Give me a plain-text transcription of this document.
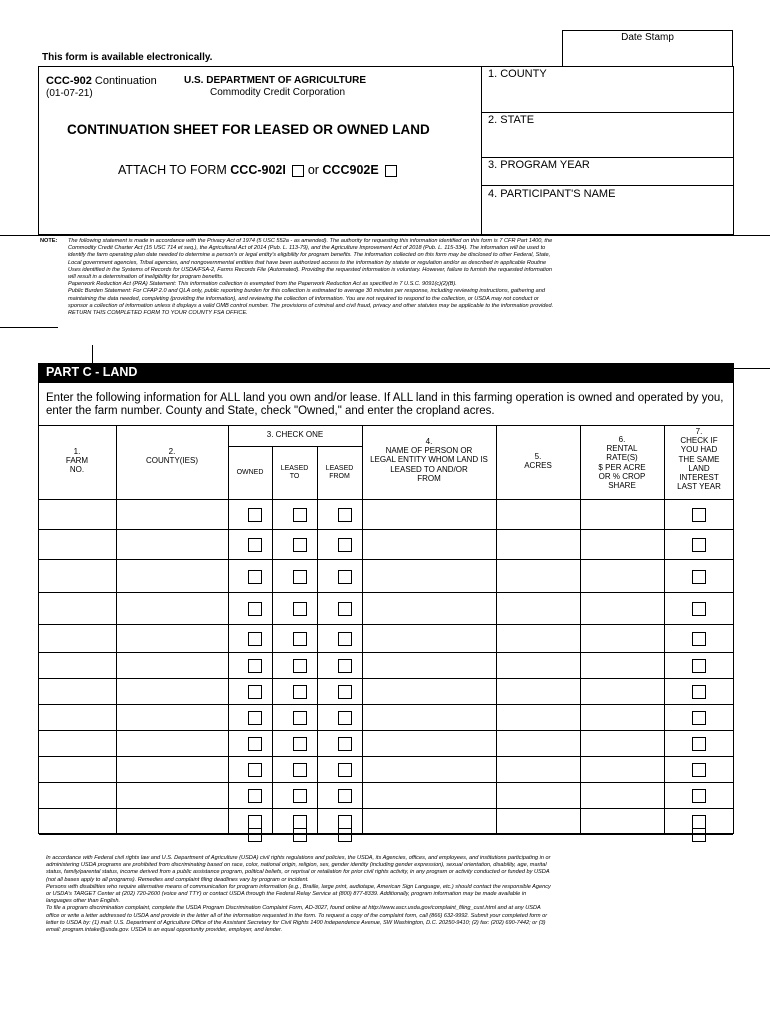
Date Stamp
This form is available electronically.
CCC-902 Continuation
(01-07-21)
U.S. DEPARTMENT OF AGRICULTURE
Commodity Credit Corporation
CONTINUATION SHEET FOR LEASED OR OWNED LAND
ATTACH TO FORM CCC-902I  or CCC902E
1. COUNTY
2. STATE
3. PROGRAM YEAR
4. PARTICIPANT'S NAME
NOTE: The following statement is made in accordance with the Privacy Act of 1974 (5 USC 552a - as amended). The authority for requesting this information identified on this form is 7 CFR Part 1400, the
Commodity Credit Charter Act (15 USC 714 et seq.), the Agricultural Act of 2014 (Pub. L. 113-79), and the Agriculture Improvement Act of 2018 (Pub. L. 115-334). The information will be used to
identify the farm operating plan date needed to determine a person's or legal entity's eligibility for program benefits. The information collected on this form may be disclosed to other Federal, State,
Local government agencies, Tribal agencies, and nongovernmental entities that have been authorized access to the information by statute or regulation and/or as described in applicable Routine
Uses identified in the Systems of Records for USDA/FSA-2, Farms Records File (Automated). Providing the requested information is voluntary. However, failure to furnish the requested information
will result in a determination of ineligibility for program benefits.
Paperwork Reduction Act (PRA) Statement: This information collection is exempted from the Paperwork Reduction Act as specified in 7 U.S.C. 9091(c)(2)(B).
Public Burden Statement: For CFAP 2.0 and QLA only, public reporting burden for this collection is estimated to average 30 minutes per response, including reviewing instructions, gathering and
maintaining the data needed, completing (providing the information), and reviewing the collection of information. You are not required to respond to the collection, or USDA may not conduct or
sponsor a collection of information unless it displays a valid OMB control number. The provisions of criminal and civil fraud, privacy and other statutes may be applicable to the information provided.
RETURN THIS COMPLETED FORM TO YOUR COUNTY FSA OFFICE.
PART C - LAND
Enter the following information for ALL land you own and/or lease. If ALL land in this farming operation is owned and operated by you,
enter the farm number. County and State, check "Owned," and enter the cropland acres.
1.
FARM
NO.
2.
COUNTY(IES)
3. CHECK ONE
OWNED
LEASED
TO
LEASED
FROM
4.
NAME OF PERSON OR
LEGAL ENTITY WHOM LAND IS
LEASED TO AND/OR
FROM
5.
ACRES
6.
RENTAL
RATE(S)
$ PER ACRE
OR % CROP
SHARE
7.
CHECK IF
YOU HAD
THE SAME
LAND
INTEREST
LAST YEAR
In accordance with Federal civil rights law and U.S. Department of Agriculture (USDA) civil rights regulations and policies, the USDA, its Agencies, offices, and employees, and institutions participating in or
administering USDA programs are prohibited from discriminating based on race, color, national origin, religion, sex, gender identity (including gender expression), sexual orientation, disability, age, marital
status, family/parental status, income derived from a public assistance program, political beliefs, or reprisal or retaliation for prior civil rights activity, in any program or activity conducted or funded by USDA
(not all bases apply to all programs). Remedies and complaint filing deadlines vary by program or incident.
Persons with disabilities who require alternative means of communication for program information (e.g., Braille, large print, audiotape, American Sign Language, etc.) should contact the responsible Agency
or USDA's TARGET Center at (202) 720-2600 (voice and TTY) or contact USDA through the Federal Relay Service at (800) 877-8339. Additionally, program information may be made available in
languages other than English.
To file a program discrimination complaint, complete the USDA Program Discrimination Complaint Form, AD-3027, found online at http://www.ascr.usda.gov/complaint_filing_cust.html and at any USDA
office or write a letter addressed to USDA and provide in the letter all of the information requested in the form. To request a copy of the complaint form, call (866) 632-9992. Submit your completed form or
letter to USDA by: (1) mail: U.S. Department of Agriculture Office of the Assistant Secretary for Civil Rights 1400 Independence Avenue, SW Washington, D.C. 20250-9410; (2) fax: (202) 690-7442; or (3)
email: program.intake@usda.gov. USDA is an equal opportunity provider, employer, and lender.
